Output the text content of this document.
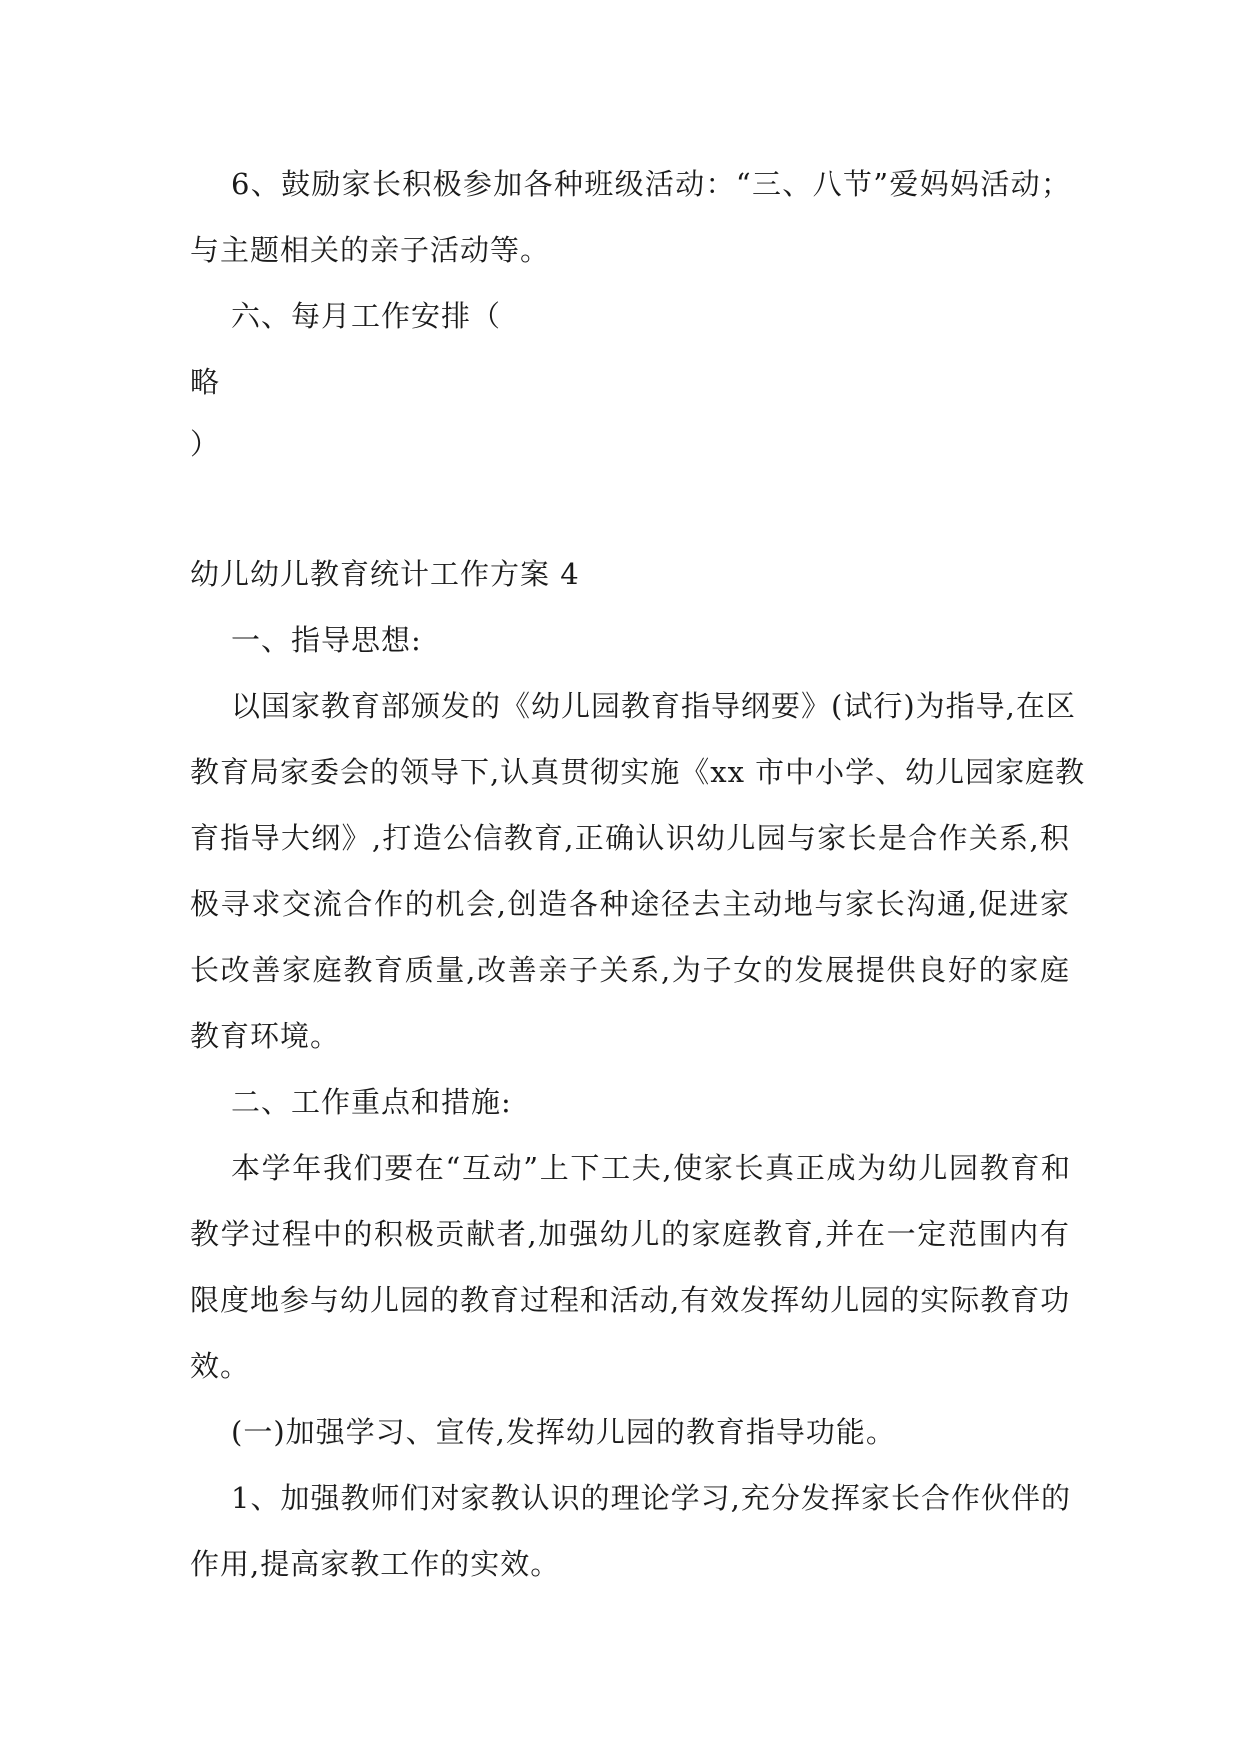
6、鼓励家长积极参加各种班级活动：“三、八节”爱妈妈活动；
与主题相关的亲子活动等。
六、每月工作安排（
略
）
幼儿幼儿教育统计工作方案 4
一、指导思想:
以国家教育部颁发的《幼儿园教育指导纲要》(试行)为指导,在区
教育局家委会的领导下,认真贯彻实施《xx 市中小学、幼儿园家庭教
育指导大纲》,打造公信教育,正确认识幼儿园与家长是合作关系,积
极寻求交流合作的机会,创造各种途径去主动地与家长沟通,促进家
长改善家庭教育质量,改善亲子关系,为子女的发展提供良好的家庭
教育环境。
二、工作重点和措施:
本学年我们要在“互动”上下工夫,使家长真正成为幼儿园教育和
教学过程中的积极贡献者,加强幼儿的家庭教育,并在一定范围内有
限度地参与幼儿园的教育过程和活动,有效发挥幼儿园的实际教育功
效。
(一)加强学习、宣传,发挥幼儿园的教育指导功能。
1、加强教师们对家教认识的理论学习,充分发挥家长合作伙伴的
作用,提高家教工作的实效。
